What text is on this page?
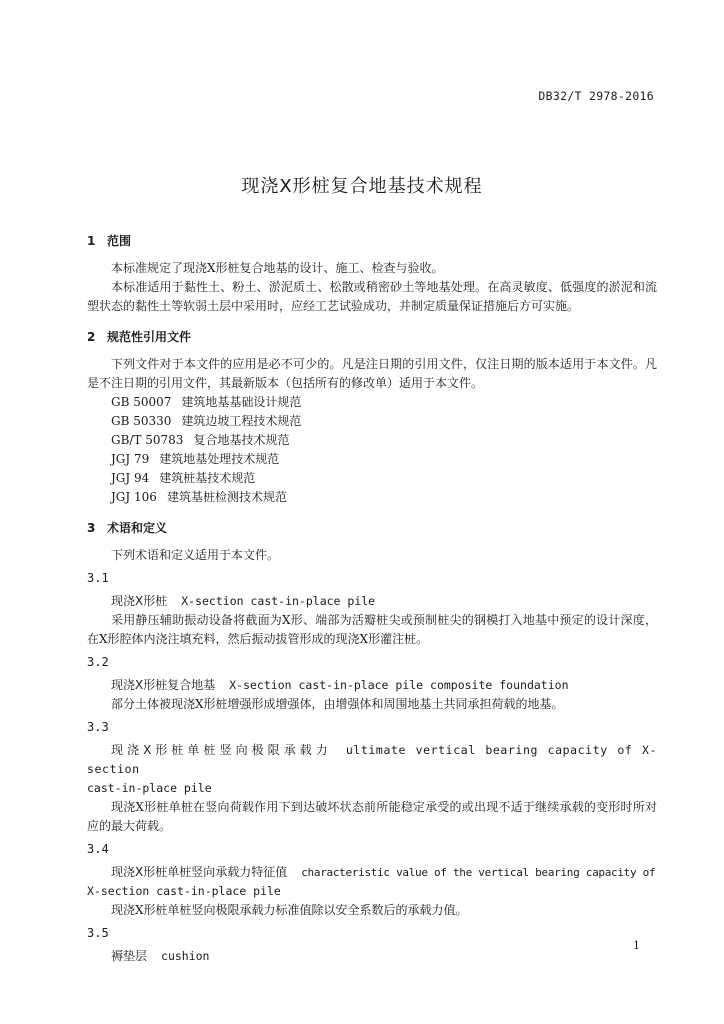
DB32/T 2978-2016
现浇X形桩复合地基技术规程
1 范围

本标准规定了现浇X形桩复合地基的设计、施工、检查与验收。

本标准适用于黏性土、粉土、淤泥质土、松散或稍密砂土等地基处理。在高灵敏度、低强度的淤泥和流塑状态的黏性土等软弱土层中采用时，应经工艺试验成功，并制定质量保证措施后方可实施。

2 规范性引用文件

下列文件对于本文件的应用是必不可少的。凡是注日期的引用文件，仅注日期的版本适用于本文件。凡是不注日期的引用文件，其最新版本（包括所有的修改单）适用于本文件。

GB 50007 建筑地基基础设计规范
GB 50330 建筑边坡工程技术规范
GB/T 50783 复合地基技术规范
JGJ 79 建筑地基处理技术规范
JGJ 94 建筑桩基技术规范
JGJ 106 建筑基桩检测技术规范
3 术语和定义

下列术语和定义适用于本文件。

3.1

现浇X形桩 X-section cast-in-place pile

采用静压辅助振动设备将截面为X形、端部为活瓣桩尖或预制桩尖的钢模打入地基中预定的设计深度，在X形腔体内浇注填充料，然后振动拔管形成的现浇X形灌注桩。

3.2

现浇X形桩复合地基 X-section cast-in-place pile composite foundation

部分土体被现浇X形桩增强形成增强体，由增强体和周围地基土共同承担荷载的地基。

3.3

现浇X形桩单桩竖向极限承载力 ultimate vertical bearing capacity of X-section

cast-in-place pile

现浇X形桩单桩在竖向荷载作用下到达破坏状态前所能稳定承受的或出现不适于继续承载的变形时所对应的最大荷载。

3.4

现浇X形桩单桩竖向承载力特征值 characteristic value of the vertical bearing capacity of

X-section cast-in-place pile

现浇X形桩单桩竖向极限承载力标准值除以安全系数后的承载力值。

3.5

褥垫层 cushion

1
